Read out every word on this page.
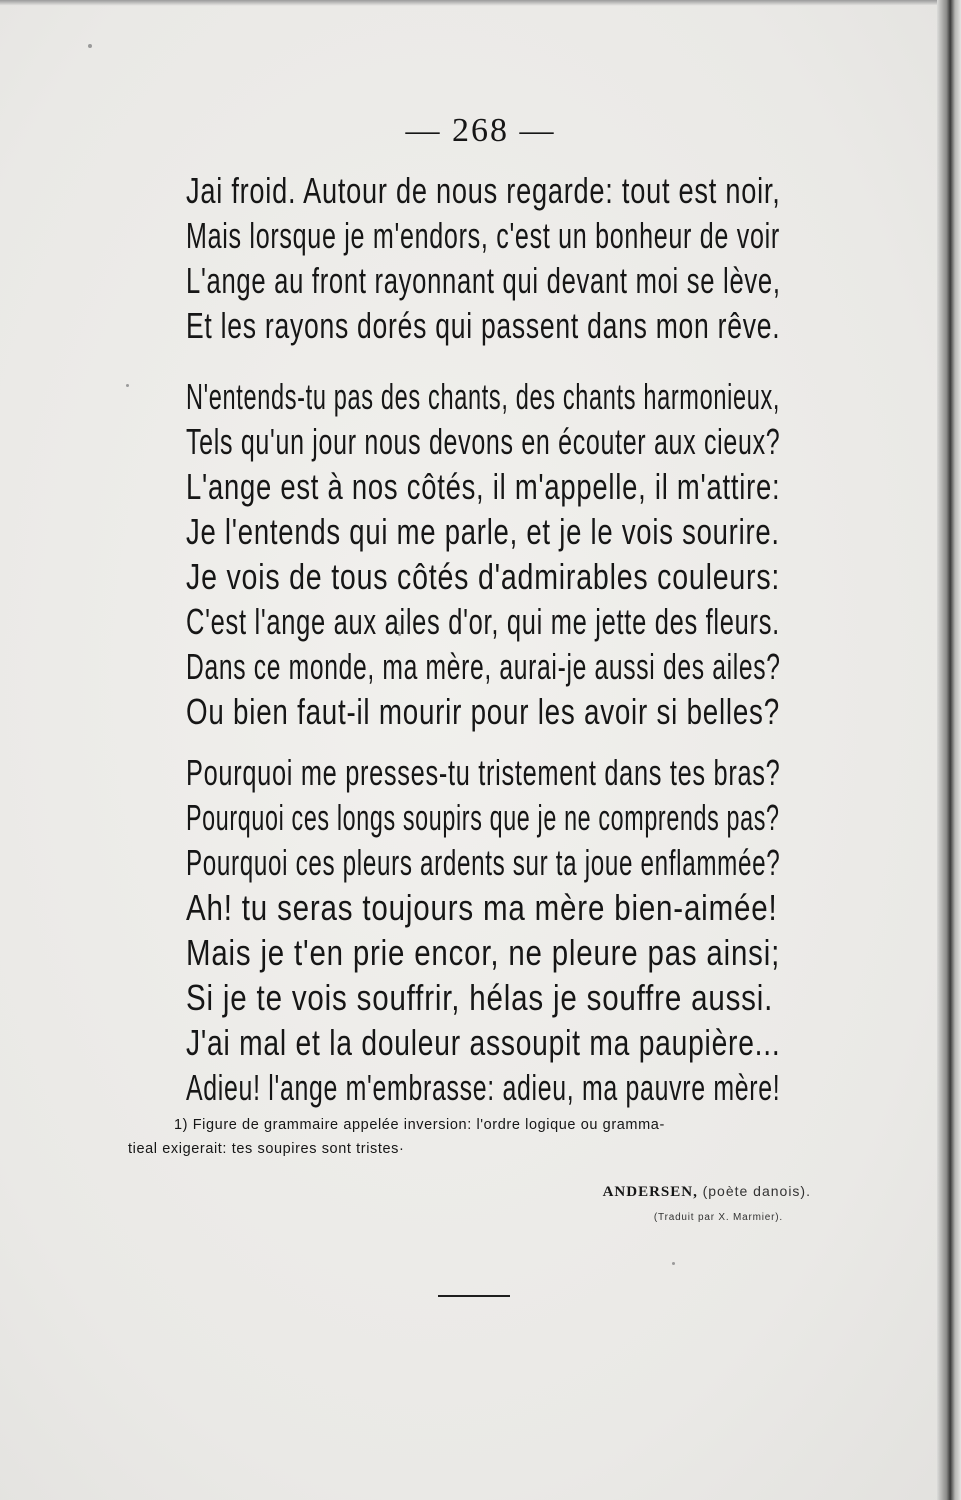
— 268 —
Jai froid. Autour de nous regarde: tout est noir,
Mais lorsque je m'endors, c'est un bonheur de voir
L'ange au front rayonnant qui devant moi se lève,
Et les rayons dorés qui passent dans mon rêve.
N'entends-tu pas des chants, des chants harmonieux,
Tels qu'un jour nous devons en écouter aux cieux?
L'ange est à nos côtés, il m'appelle, il m'attire:
Je l'entends qui me parle, et je le vois sourire.
Je vois de tous côtés d'admirables couleurs:
C'est l'ange aux ailes d'or, qui me jette des fleurs.
Dans ce monde, ma mère, aurai-je aussi des ailes?
Ou bien faut-il mourir pour les avoir si belles?
Pourquoi me presses-tu tristement dans tes bras?
Pourquoi ces longs soupirs que je ne comprends pas?
Pourquoi ces pleurs ardents sur ta joue enflammée?
Ah! tu seras toujours ma mère bien-aimée!
Mais je t'en prie encor, ne pleure pas ainsi;
Si je te vois souffrir, hélas je souffre aussi.
J'ai mal et la douleur assoupit ma paupière...
Adieu! l'ange m'embrasse: adieu, ma pauvre mère!
1) Figure de grammaire appelée inversion: l'ordre logique ou gramma-
tieal exigerait: tes soupires sont tristes·
ANDERSEN, (poète danois).
(Traduit par X. Marmier).
